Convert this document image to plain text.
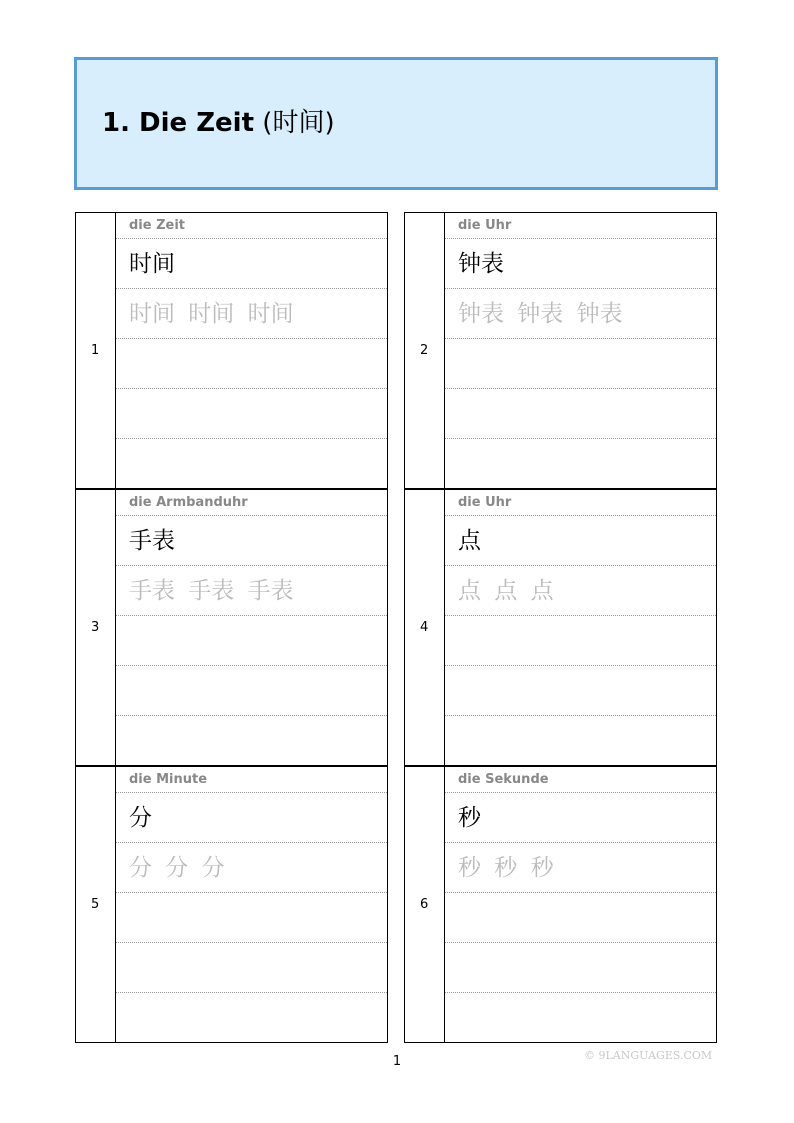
1. Die Zeit (时间)
1
die Zeit
时间
时间 时间 时间
2
die Uhr
钟表
钟表 钟表 钟表
3
die Armbanduhr
手表
手表 手表 手表
4
die Uhr
点
点 点 点
5
die Minute
分
分 分 分
6
die Sekunde
秒
秒 秒 秒
1	© 9LANGUAGES.COM
